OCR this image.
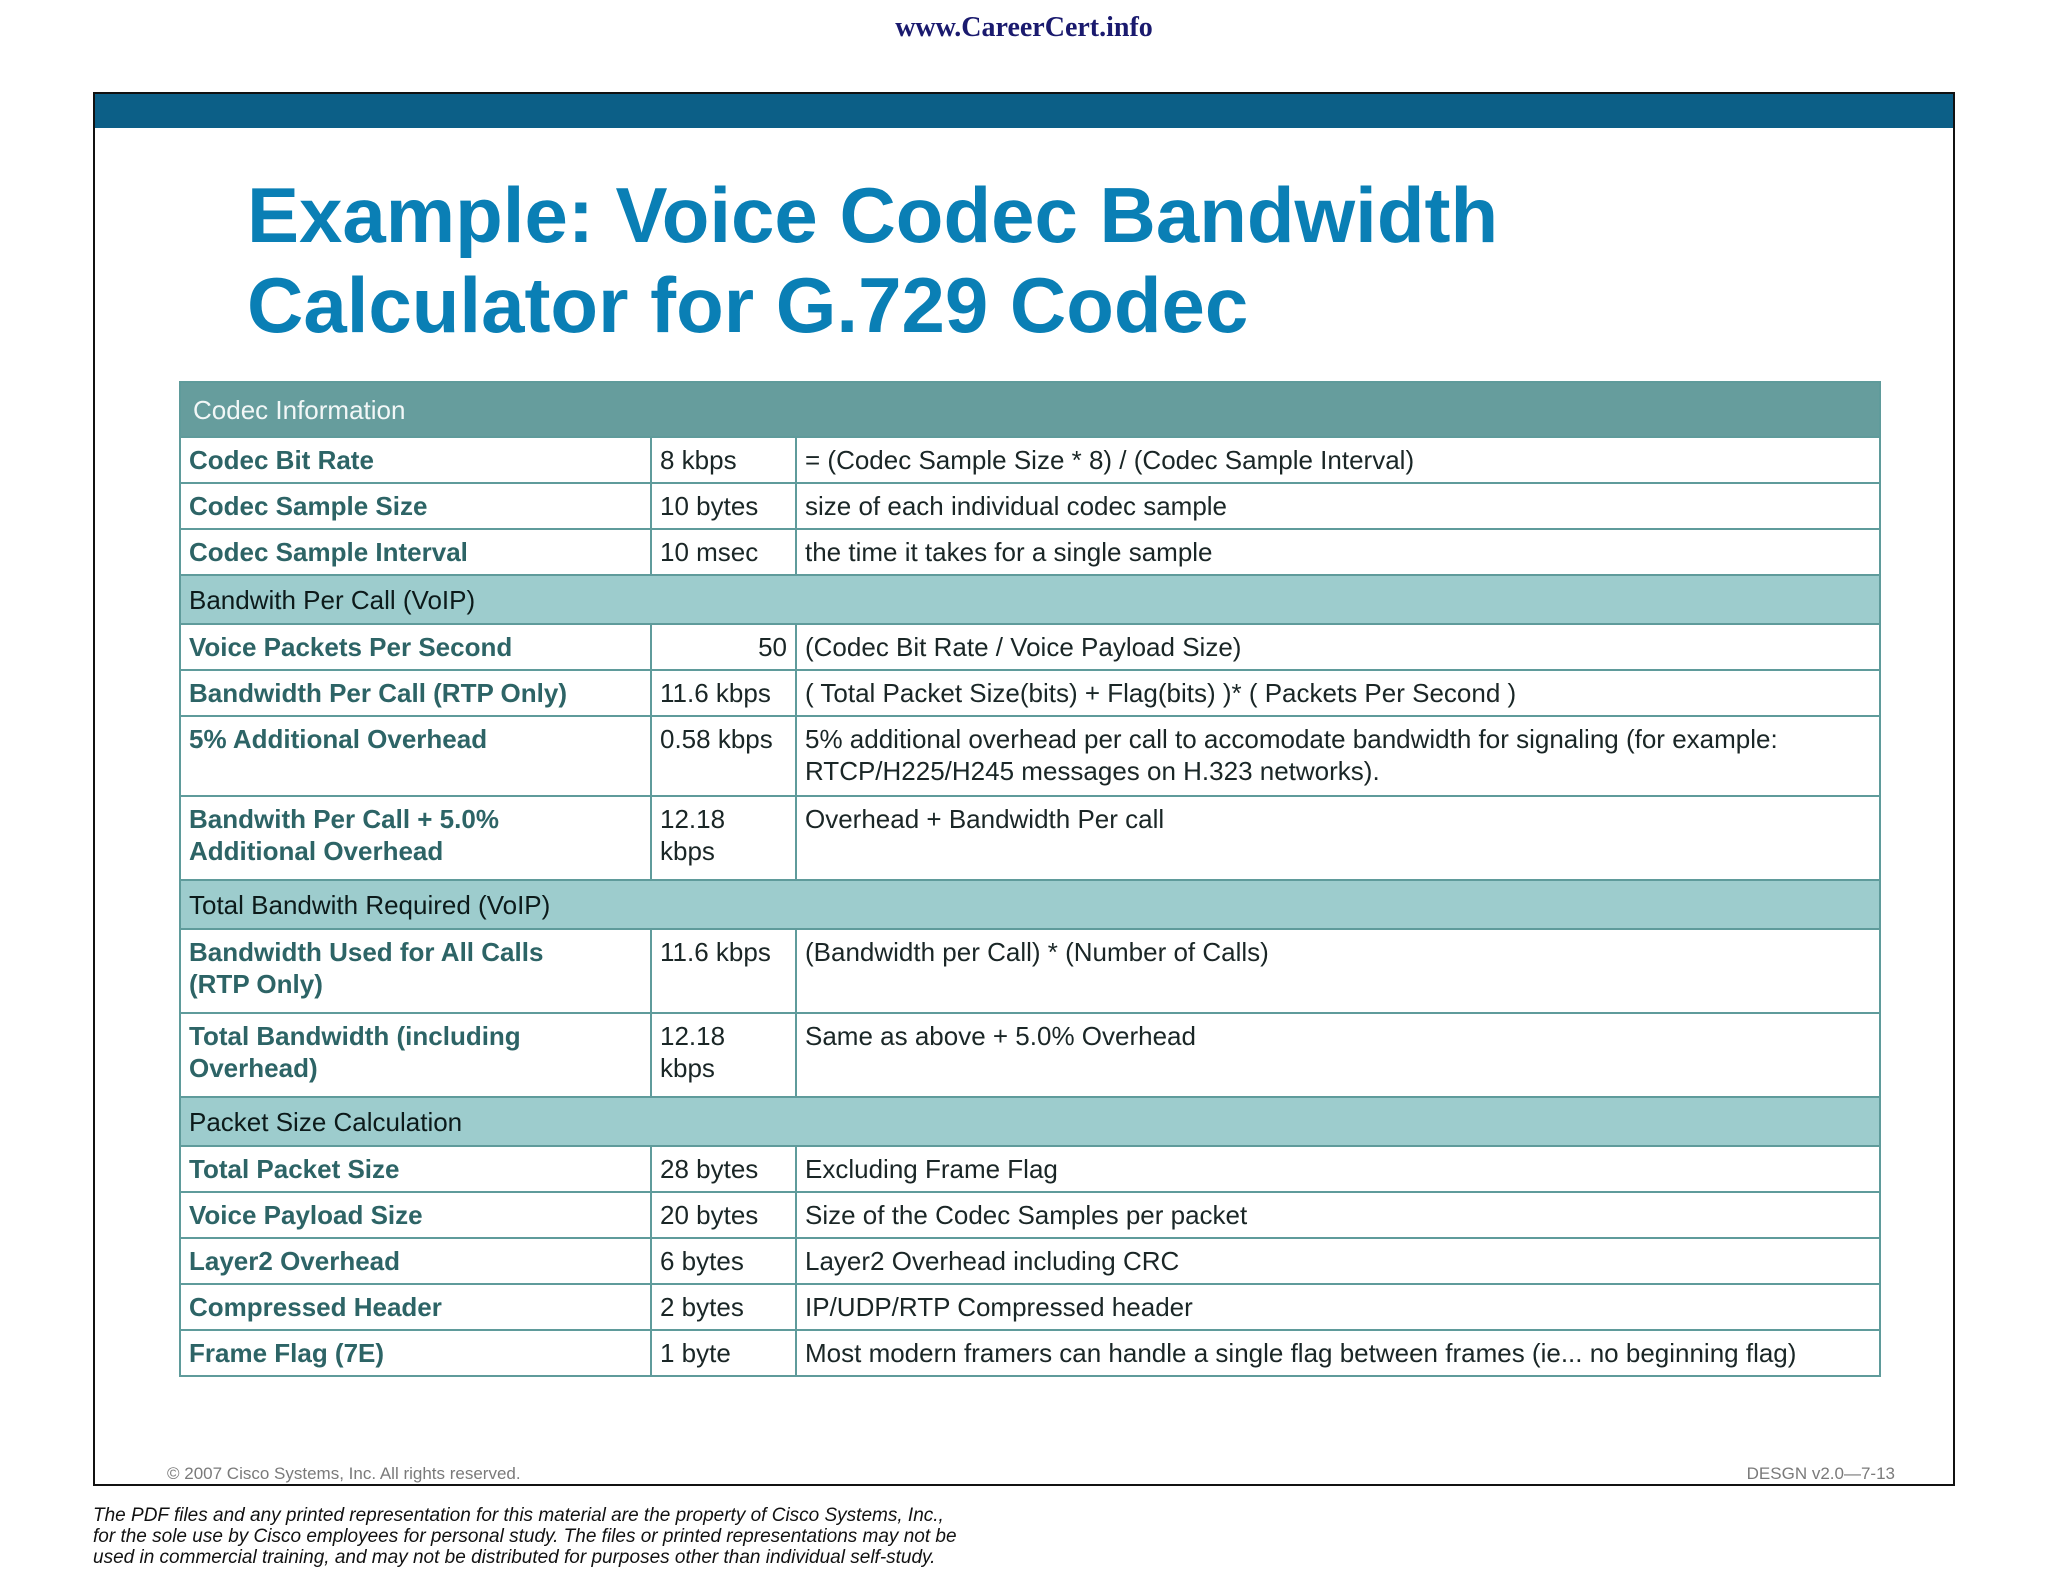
www.CareerCert.info
Example: Voice Codec Bandwidth
Calculator for G.729 Codec
Codec Information		
Codec Bit Rate	8 kbps	= (Codec Sample Size * 8) / (Codec Sample Interval)
Codec Sample Size	10 bytes	size of each individual codec sample
Codec Sample Interval	10 msec	the time it takes for a single sample
Bandwith Per Call (VoIP)		
Voice Packets Per Second	50	(Codec Bit Rate / Voice Payload Size)
Bandwidth Per Call (RTP Only)	11.6 kbps	( Total Packet Size(bits) + Flag(bits) )* ( Packets Per Second )
5% Additional Overhead	0.58 kbps	5% additional overhead per call to accomodate bandwidth for signaling (for example:
RTCP/H225/H245 messages on H.323 networks).
Bandwith Per Call + 5.0%
Additional Overhead	12.18 kbps	Overhead + Bandwidth Per call
Total Bandwith Required (VoIP)		
Bandwidth Used for All Calls
(RTP Only)	11.6 kbps	(Bandwidth per Call) * (Number of Calls)
Total Bandwidth (including
Overhead)	12.18 kbps	Same as above + 5.0% Overhead
Packet Size Calculation		
Total Packet Size	28 bytes	Excluding Frame Flag
Voice Payload Size	20 bytes	Size of the Codec Samples per packet
Layer2 Overhead	6 bytes	Layer2 Overhead including CRC
Compressed Header	2 bytes	IP/UDP/RTP Compressed header
Frame Flag (7E)	1 byte	Most modern framers can handle a single flag between frames (ie... no beginning flag)
© 2007 Cisco Systems, Inc. All rights reserved.	DESGN v2.0—7-13

The PDF files and any printed representation for this material are the property of Cisco Systems, Inc.,
for the sole use by Cisco employees for personal study. The files or printed representations may not be
used in commercial training, and may not be distributed for purposes other than individual self-study.
